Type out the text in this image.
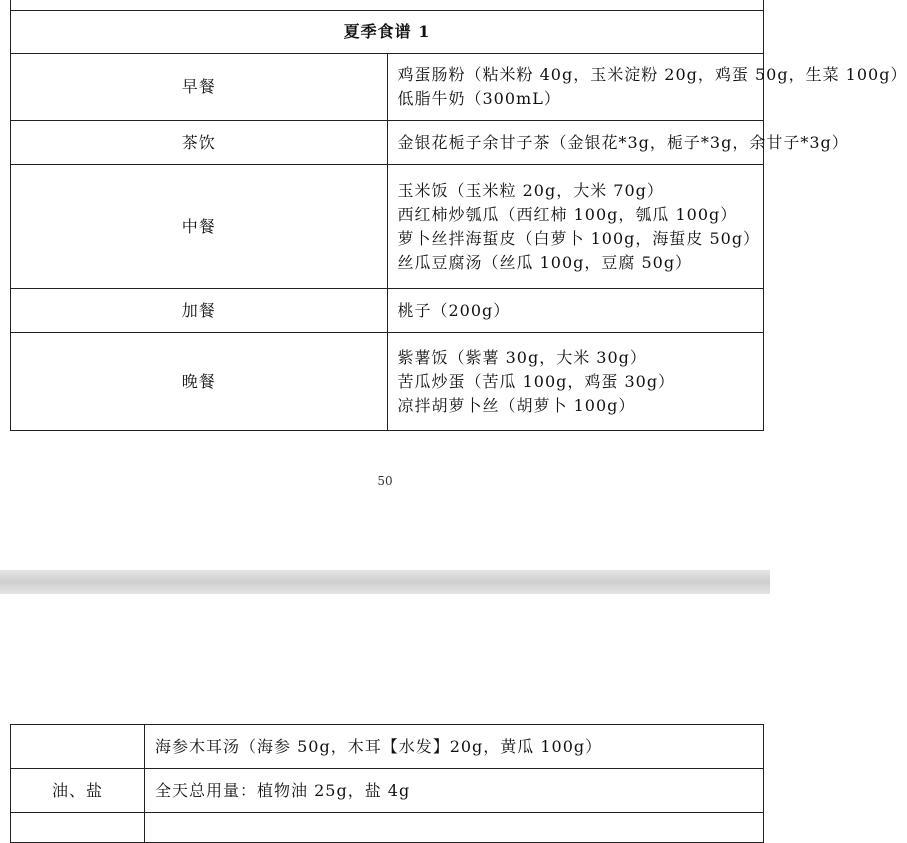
夏季食谱 1	
早餐	鸡蛋肠粉（粘米粉 40g，玉米淀粉 20g，鸡蛋 50g，生菜 100g）
低脂牛奶（300mL）

茶饮	金银花栀子余甘子茶（金银花*3g，栀子*3g，余甘子*3g）

中餐	玉米饭（玉米粒 20g，大米 70g）
西红柿炒瓠瓜（西红柿 100g，瓠瓜 100g）
萝卜丝拌海蜇皮（白萝卜 100g，海蜇皮 50g）
丝瓜豆腐汤（丝瓜 100g，豆腐 50g）

加餐	桃子（200g）

晚餐	紫薯饭（紫薯 30g，大米 30g）
苦瓜炒蛋（苦瓜 100g，鸡蛋 30g）
凉拌胡萝卜丝（胡萝卜 100g）
50

	海参木耳汤（海参 50g，木耳【水发】20g，黄瓜 100g）

油、盐	全天总用量：植物油 25g，盐 4g
